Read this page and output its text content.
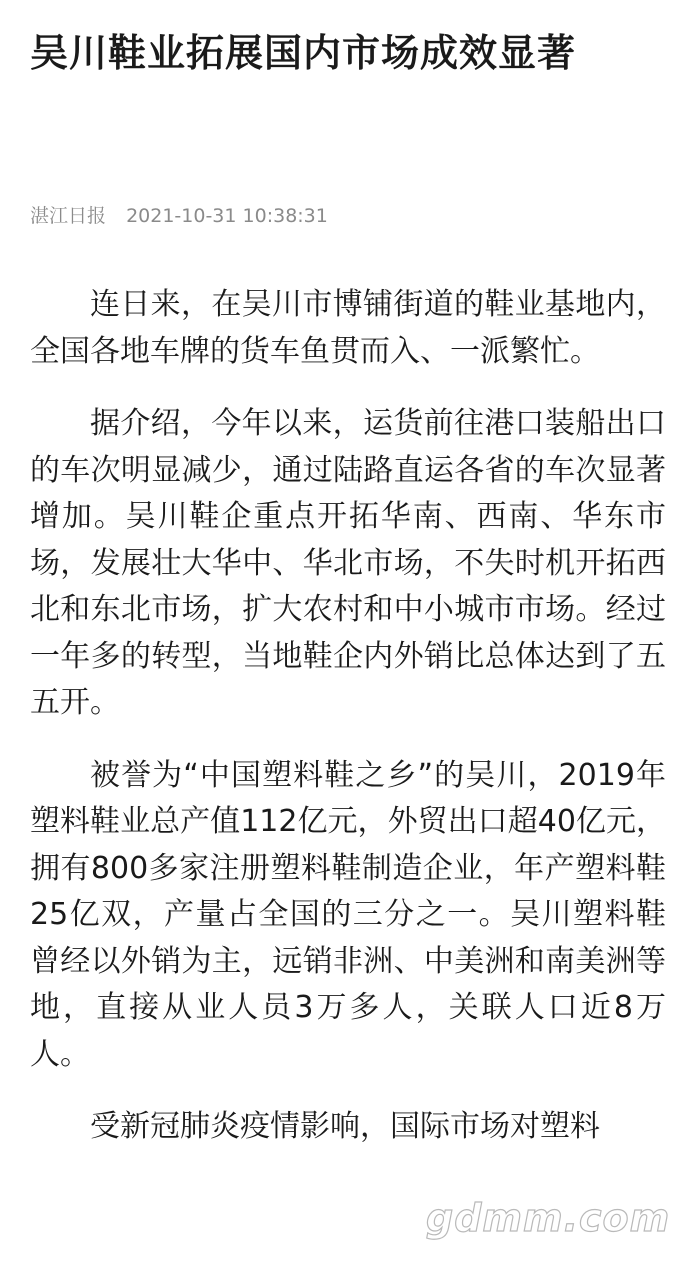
吴川鞋业拓展国内市场成效显著
湛江日报 2021-10-31 10:38:31

连日来，在吴川市博铺街道的鞋业基地内，全国各地车牌的货车鱼贯而入、一派繁忙。

据介绍，今年以来，运货前往港口装船出口的车次明显减少，通过陆路直运各省的车次显著增加。吴川鞋企重点开拓华南、西南、华东市场，发展壮大华中、华北市场，不失时机开拓西北和东北市场，扩大农村和中小城市市场。经过一年多的转型，当地鞋企内外销比总体达到了五五开。

被誉为“中国塑料鞋之乡”的吴川，2019年塑料鞋业总产值112亿元，外贸出口超40亿元，拥有800多家注册塑料鞋制造企业，年产塑料鞋25亿双，产量占全国的三分之一。吴川塑料鞋曾经以外销为主，远销非洲、中美洲和南美洲等地，直接从业人员3万多人，关联人口近8万人。

受新冠肺炎疫情影响，国际市场对塑料

gdmm.com
